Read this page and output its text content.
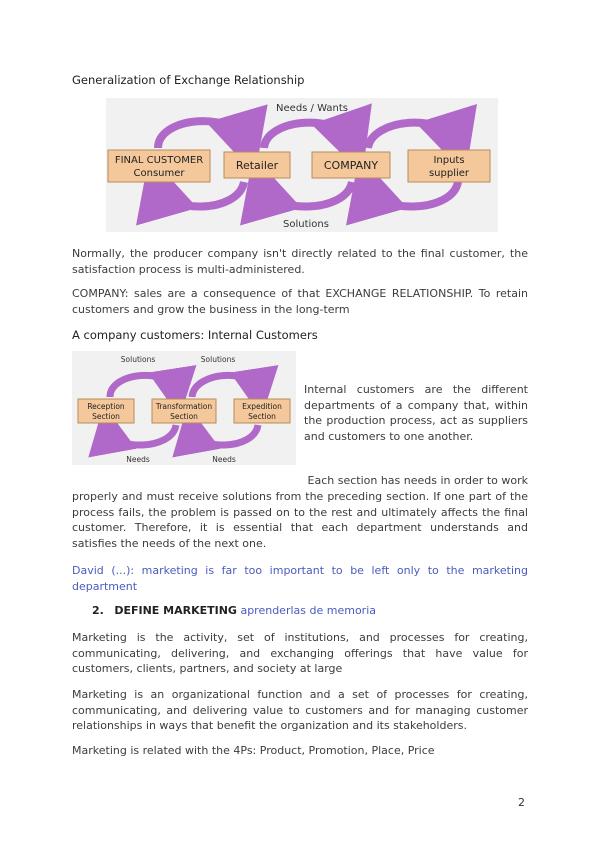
Generalization of Exchange Relationship
Needs / Wants
Solutions
FINAL CUSTOMER
Consumer
Retailer	COMPANY	Inputs
supplier

Normally, the producer company isn't directly related to the final customer, the satisfaction process is multi-administered.

COMPANY: sales are a consequence of that EXCHANGE RELATIONSHIP. To retain customers and grow the business in the long-term

A company customers: Internal Customers
Solutions	Solutions
Needs	Needs
Reception
Section
Transformation
Section
Expedition
Section

Internal customers are the different departments of a company that, within the production process, act as suppliers and customers to one another.

Each section has needs in order to work

properly and must receive solutions from the preceding section. If one part of the process fails, the problem is passed on to the rest and ultimately affects the final customer. Therefore, it is essential that each department understands and satisfies the needs of the next one.

David (...): marketing is far too important to be left only to the marketing department

2. DEFINE MARKETING aprenderlas de memoria

Marketing is the activity, set of institutions, and processes for creating, communicating, delivering, and exchanging offerings that have value for customers, clients, partners, and society at large

Marketing is an organizational function and a set of processes for creating, communicating, and delivering value to customers and for managing customer relationships in ways that benefit the organization and its stakeholders.

Marketing is related with the 4Ps: Product, Promotion, Place, Price

2
